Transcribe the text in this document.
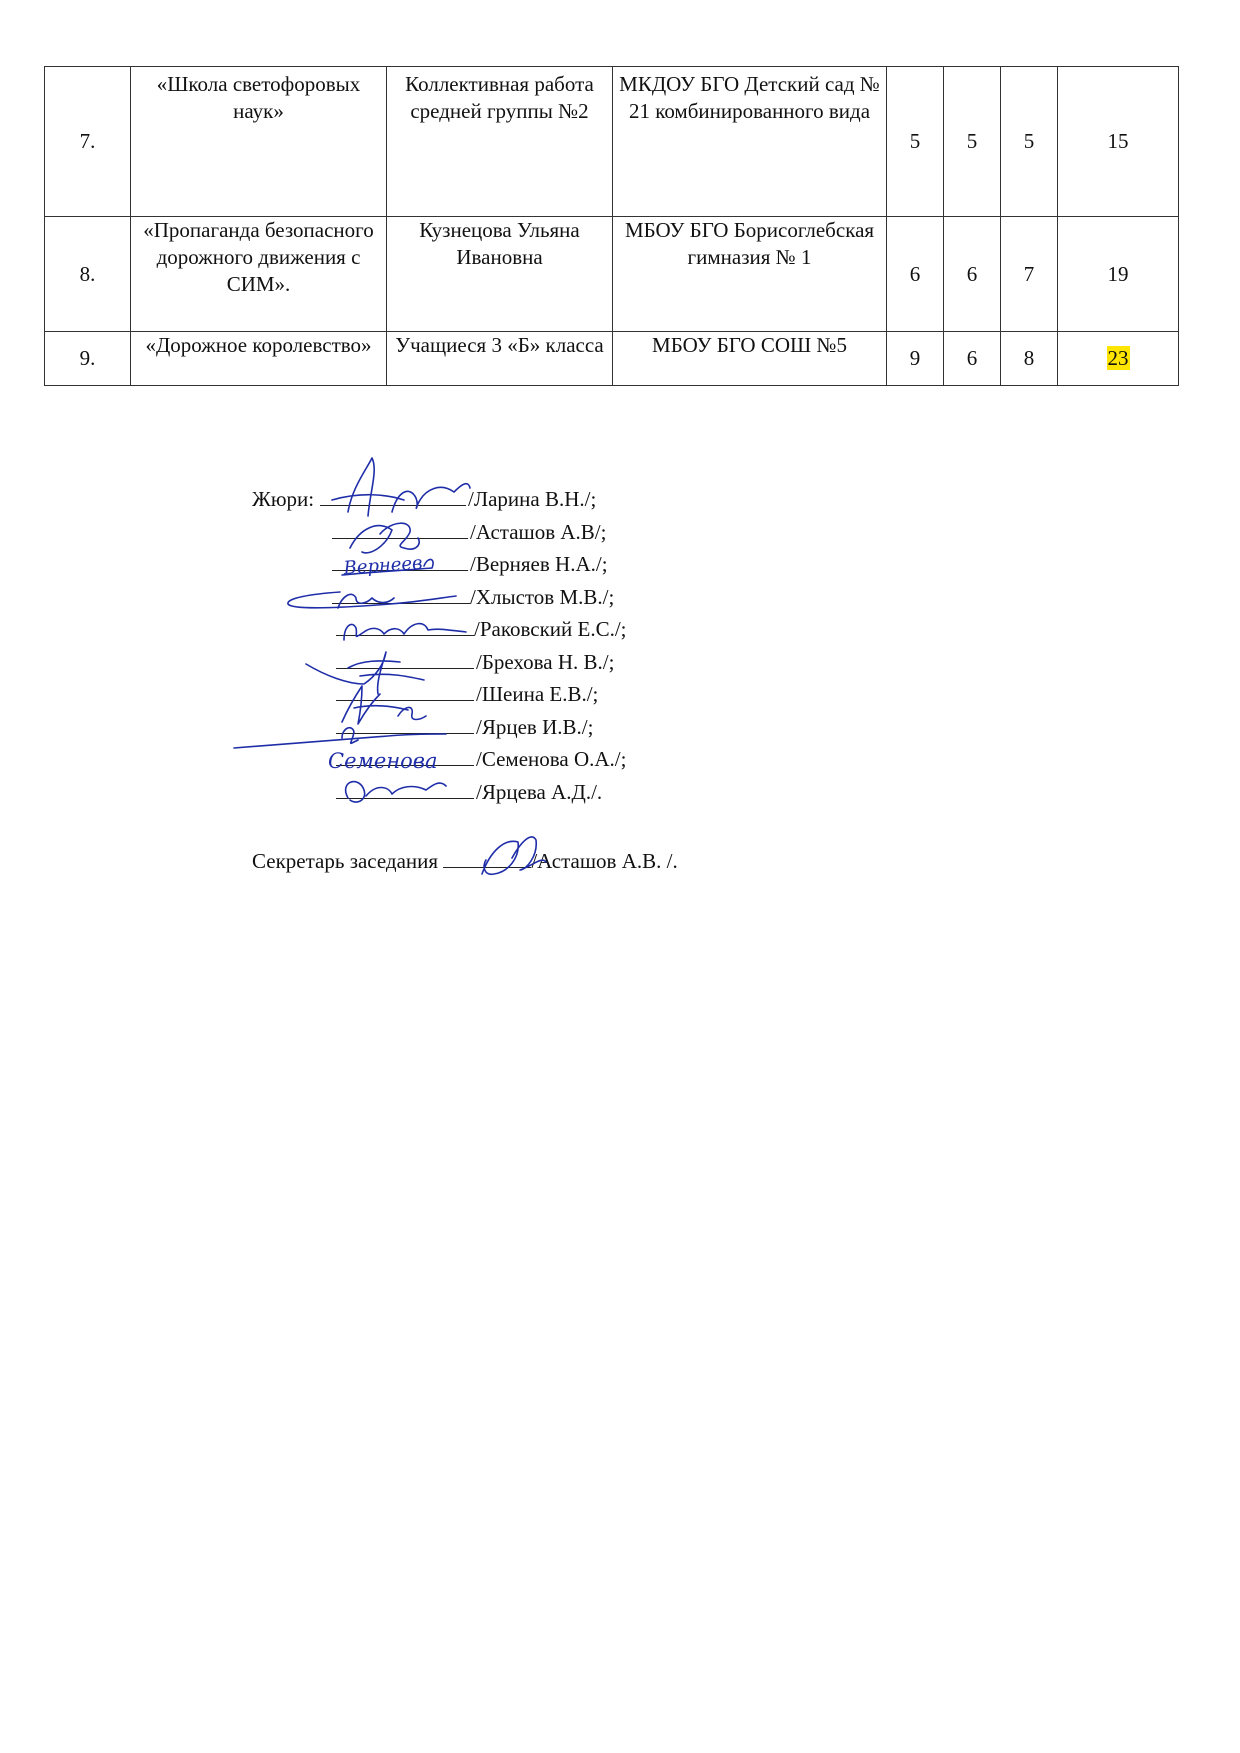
7.	«Школа светофоровых наук»	Коллективная работа средней группы №2	МКДОУ БГО Детский сад № 21 комбинированного вида	5	5	5	15
8.	«Пропаганда безопасного дорожного движения с СИМ».	Кузнецова Ульяна Ивановна	МБОУ БГО Борисоглебская гимназия № 1	6	6	7	19
9.	«Дорожное королевство»	Учащиеся 3 «Б» класса	МБОУ БГО СОШ №5	9	6	8	23
Жюри:	/Ларина В.Н./;
/Асташов А.В/;
/Верняев Н.А./;
/Хлыстов М.В./;
/Раковский Е.С./;
/Брехова Н. В./;
/Шеина Е.В./;
/Ярцев И.В./;
/Семенова О.А./;
/Ярцева А.Д./.
Секретарь заседания	/Асташов А.В. /.
Вернеев
Семенова
